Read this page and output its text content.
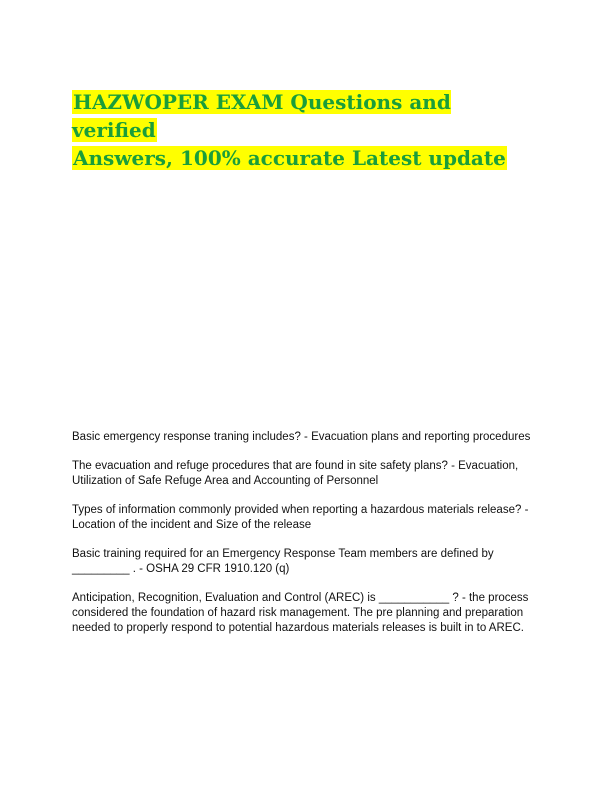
HAZWOPER EXAM Questions and verified
Answers, 100% accurate Latest update
Basic emergency response traning includes? - Evacuation plans and reporting procedures
The evacuation and refuge procedures that are found in site safety plans? - Evacuation, Utilization of Safe Refuge Area and Accounting of Personnel
Types of information commonly provided when reporting a hazardous materials release? - Location of the incident and Size of the release
Basic training required for an Emergency Response Team members are defined by _________ . - OSHA 29 CFR 1910.120 (q)
Anticipation, Recognition, Evaluation and Control (AREC) is ___________ ? - the process considered the foundation of hazard risk management. The pre planning and preparation needed to properly respond to potential hazardous materials releases is built in to AREC.
